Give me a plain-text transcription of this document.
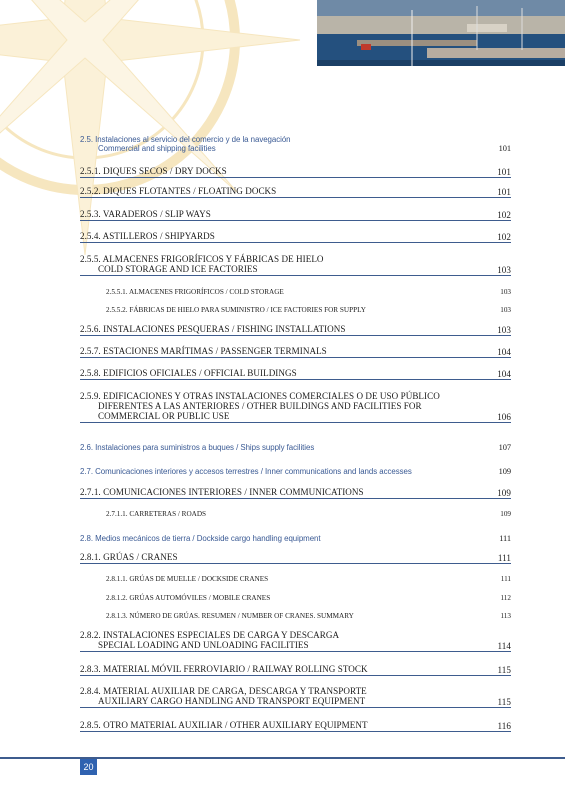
2.5. Instalaciones al servicio del comercio y de la navegación
Commercial and shipping facilities	101
2.5.1. DIQUES SECOS / DRY DOCKS	101
2.5.2. DIQUES FLOTANTES / FLOATING DOCKS	101
2.5.3. VARADEROS / SLIP WAYS	102
2.5.4. ASTILLEROS / SHIPYARDS	102
2.5.5. ALMACENES FRIGORÍFICOS Y FÁBRICAS DE HIELO
COLD STORAGE AND ICE FACTORIES	103
2.5.5.1. ALMACENES FRIGORÍFICOS / COLD STORAGE	103
2.5.5.2. FÁBRICAS DE HIELO PARA SUMINISTRO / ICE FACTORIES FOR SUPPLY	103
2.5.6. INSTALACIONES PESQUERAS / FISHING INSTALLATIONS	103
2.5.7. ESTACIONES MARÍTIMAS / PASSENGER TERMINALS	104
2.5.8. EDIFICIOS OFICIALES / OFFICIAL BUILDINGS	104
2.5.9. EDIFICACIONES Y OTRAS INSTALACIONES COMERCIALES O DE USO PÚBLICO
DIFERENTES A LAS ANTERIORES / OTHER BUILDINGS AND FACILITIES FOR
COMMERCIAL OR PUBLIC USE	106
2.6. Instalaciones para suministros a buques / Ships supply facilities	107
2.7. Comunicaciones interiores y accesos terrestres / Inner communications and lands accesses	109
2.7.1. COMUNICACIONES INTERIORES / INNER COMMUNICATIONS	109
2.7.1.1. CARRETERAS / ROADS	109
2.8. Medios mecánicos de tierra / Dockside cargo handling equipment	111
2.8.1. GRÚAS / CRANES	111
2.8.1.1. GRÚAS DE MUELLE / DOCKSIDE CRANES	111
2.8.1.2. GRÚAS AUTOMÓVILES / MOBILE CRANES	112
2.8.1.3. NÚMERO DE GRÚAS. RESUMEN / NUMBER OF CRANES. SUMMARY	113
2.8.2. INSTALACIONES ESPECIALES DE CARGA Y DESCARGA
SPECIAL LOADING AND UNLOADING FACILITIES	114
2.8.3. MATERIAL MÓVIL FERROVIARIO / RAILWAY ROLLING STOCK	115
2.8.4. MATERIAL AUXILIAR DE CARGA, DESCARGA Y TRANSPORTE
AUXILIARY CARGO HANDLING AND TRANSPORT EQUIPMENT	115
2.8.5. OTRO MATERIAL AUXILIAR / OTHER AUXILIARY EQUIPMENT	116
20
